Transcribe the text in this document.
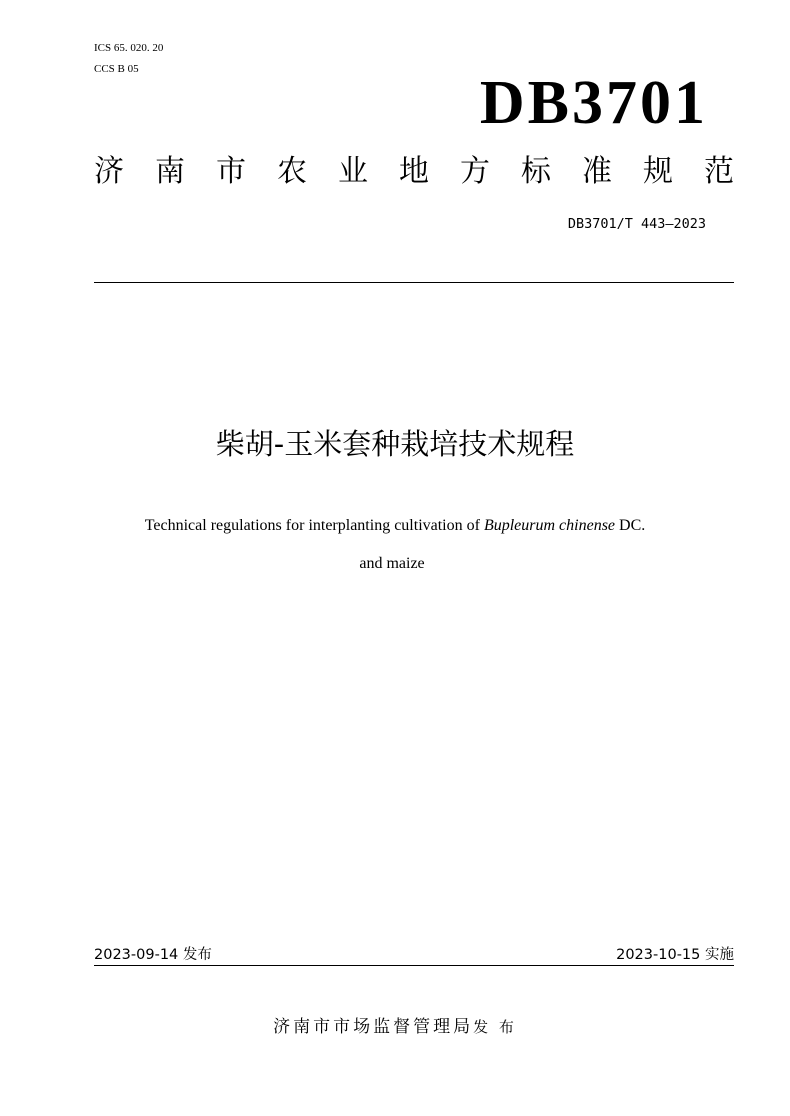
ICS 65. 020. 20
CCS B 05	DB3701
济 南 市 农 业 地 方 标 准 规 范
DB3701/T 443—2023
柴胡-玉米套种栽培技术规程
Technical regulations for interplanting cultivation of Bupleurum chinense DC.
and maize
2023-09-14 发布	2023-10-15 实施
济南市市场监督管理局发 布
